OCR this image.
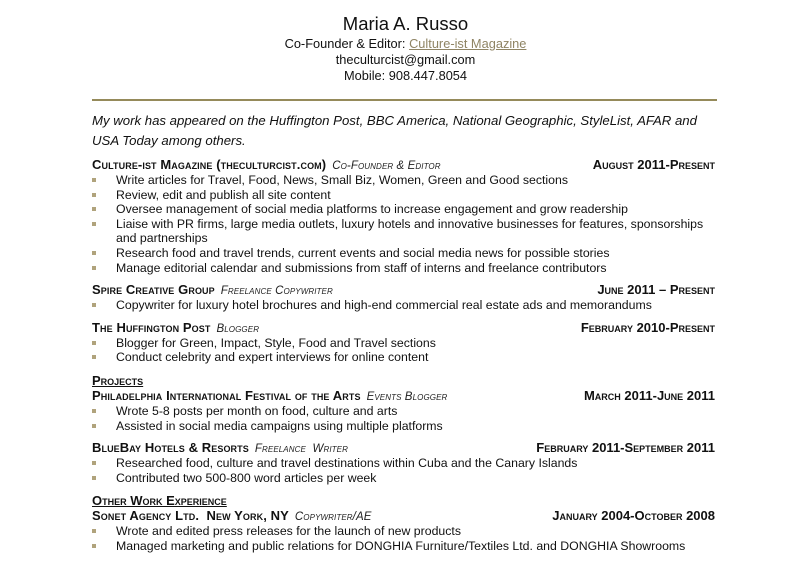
Maria A. Russo
Co-Founder & Editor: Culture-ist Magazine
theculturcist@gmail.com
Mobile: 908.447.8054
My work has appeared on the Huffington Post, BBC America, National Geographic, StyleList, AFAR and USA Today among others.
Culture-ist Magazine (theculturcist.com) Co-Founder & Editor	August 2011-Present
Write articles for Travel, Food, News, Small Biz, Women, Green and Good sections
Review, edit and publish all site content
Oversee management of social media platforms to increase engagement and grow readership
Liaise with PR firms, large media outlets, luxury hotels and innovative businesses for features, sponsorships and partnerships
Research food and travel trends, current events and social media news for possible stories
Manage editorial calendar and submissions from staff of interns and freelance contributors
Spire Creative Group Freelance Copywriter	June 2011 – Present
Copywriter for luxury hotel brochures and high-end commercial real estate ads and memorandums
The Huffington Post Blogger	February 2010-Present
Blogger for Green, Impact, Style, Food and Travel sections
Conduct celebrity and expert interviews for online content
Projects
Philadelphia International Festival of the Arts Events Blogger	March 2011-June 2011
Wrote 5-8 posts per month on food, culture and arts
Assisted in social media campaigns using multiple platforms
BlueBay Hotels & Resorts Freelance  Writer	February 2011-September 2011
Researched food, culture and travel destinations within Cuba and the Canary Islands
Contributed two 500-800 word articles per week
Other Work Experience
Sonet Agency Ltd.  New York, NY Copywriter/AE	January 2004-October 2008
Wrote and edited press releases for the launch of new products
Managed marketing and public relations for DONGHIA Furniture/Textiles Ltd. and DONGHIA Showrooms
